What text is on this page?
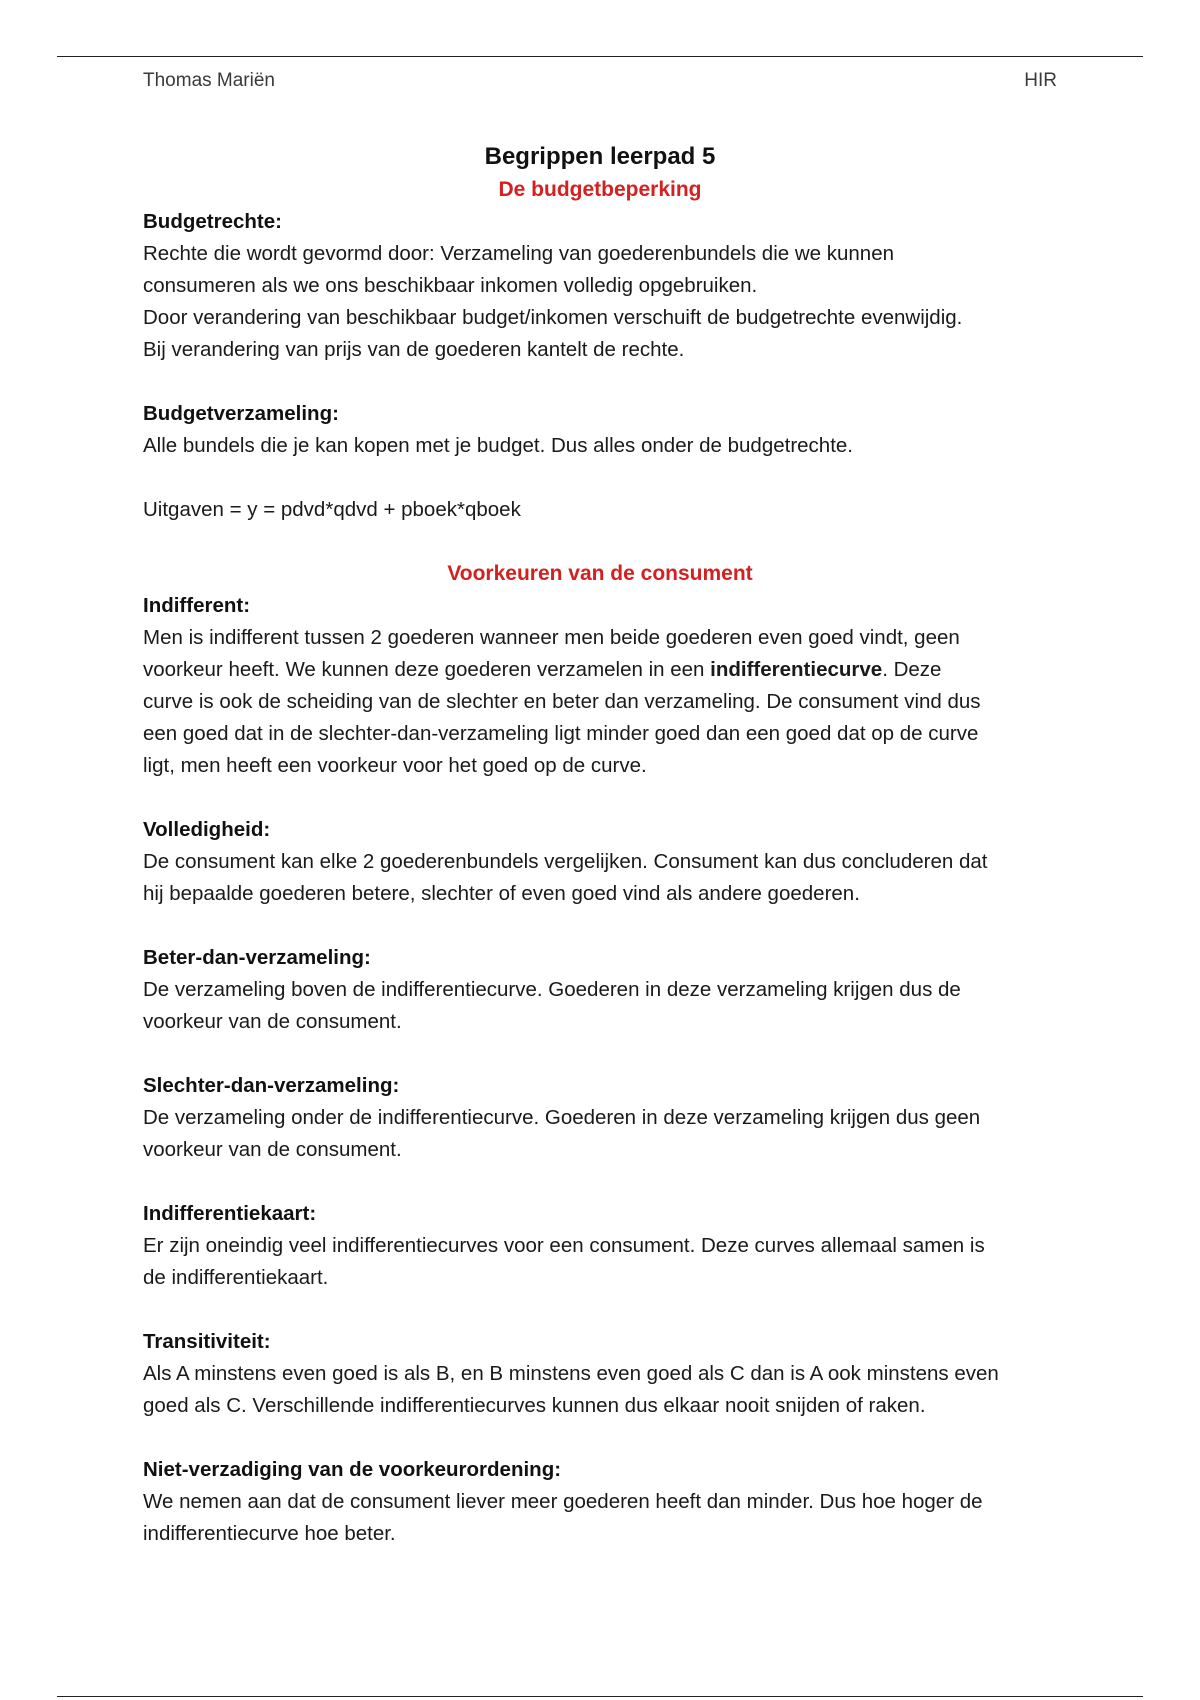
Thomas Mariën	HIR
Begrippen leerpad 5
De budgetbeperking
Budgetrechte:

Rechte die wordt gevormd door: Verzameling van goederenbundels die we kunnen
consumeren als we ons beschikbaar inkomen volledig opgebruiken.
Door verandering van beschikbaar budget/inkomen verschuift de budgetrechte evenwijdig.
Bij verandering van prijs van de goederen kantelt de rechte.

Budgetverzameling:

Alle bundels die je kan kopen met je budget. Dus alles onder de budgetrechte.

Uitgaven = y = pdvd*qdvd + pboek*qboek
Voorkeuren van de consument
Indifferent:

Men is indifferent tussen 2 goederen wanneer men beide goederen even goed vindt, geen
voorkeur heeft. We kunnen deze goederen verzamelen in een indifferentiecurve. Deze
curve is ook de scheiding van de slechter en beter dan verzameling. De consument vind dus
een goed dat in de slechter-dan-verzameling ligt minder goed dan een goed dat op de curve
ligt, men heeft een voorkeur voor het goed op de curve.

Volledigheid:

De consument kan elke 2 goederenbundels vergelijken. Consument kan dus concluderen dat
hij bepaalde goederen betere, slechter of even goed vind als andere goederen.

Beter-dan-verzameling:

De verzameling boven de indifferentiecurve. Goederen in deze verzameling krijgen dus de
voorkeur van de consument.

Slechter-dan-verzameling:

De verzameling onder de indifferentiecurve. Goederen in deze verzameling krijgen dus geen
voorkeur van de consument.

Indifferentiekaart:

Er zijn oneindig veel indifferentiecurves voor een consument. Deze curves allemaal samen is
de indifferentiekaart.

Transitiviteit:

Als A minstens even goed is als B, en B minstens even goed als C dan is A ook minstens even
goed als C. Verschillende indifferentiecurves kunnen dus elkaar nooit snijden of raken.

Niet-verzadiging van de voorkeurordening:

We nemen aan dat de consument liever meer goederen heeft dan minder. Dus hoe hoger de
indifferentiecurve hoe beter.
